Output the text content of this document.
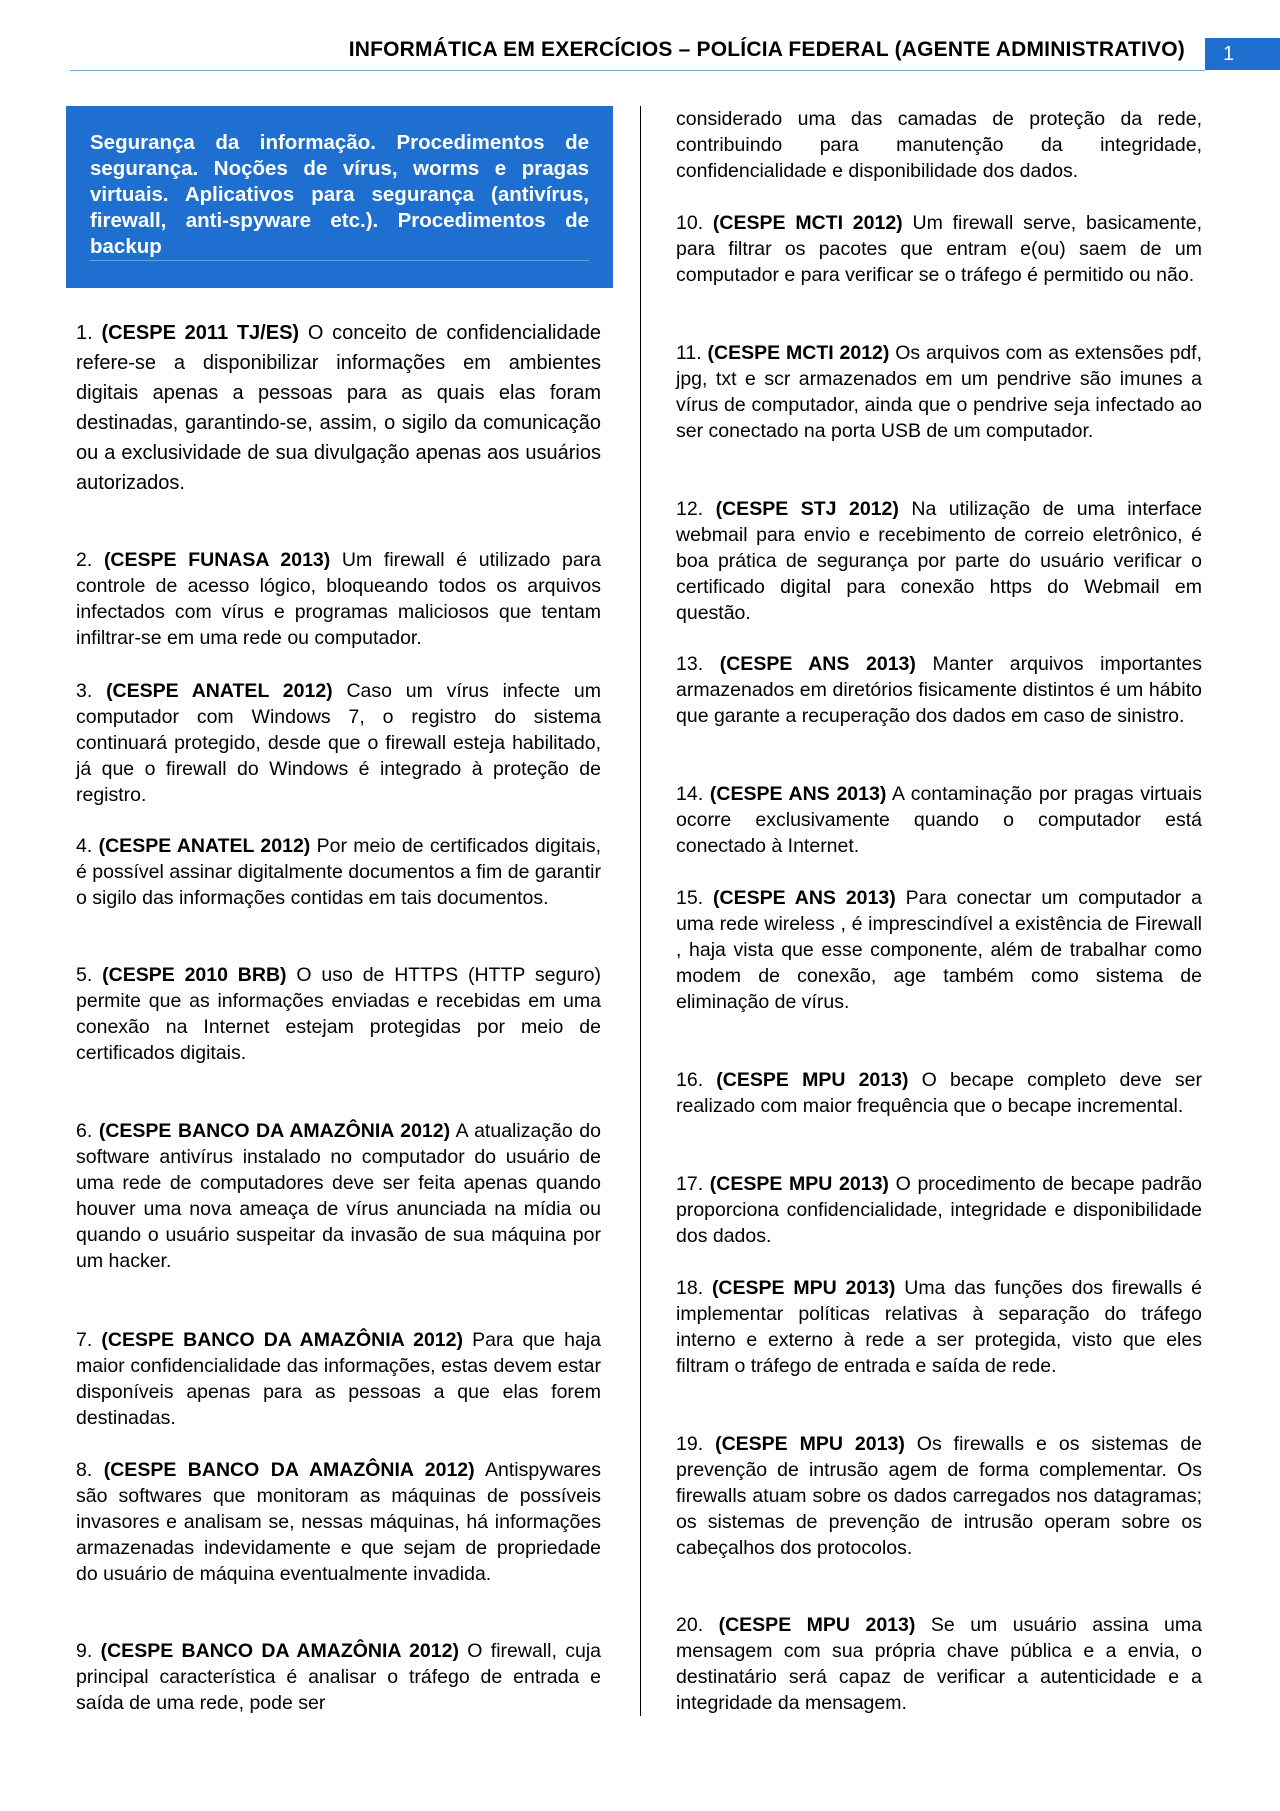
INFORMÁTICA EM EXERCÍCIOS – POLÍCIA FEDERAL (AGENTE ADMINISTRATIVO)	1
Segurança da informação. Procedimentos de segurança. Noções de vírus, worms e pragas virtuais. Aplicativos para segurança (antivírus, firewall, anti-spyware etc.). Procedimentos de backup

1. (CESPE 2011 TJ/ES) O conceito de confidencialidade refere-se a disponibilizar informações em ambientes digitais apenas a pessoas para as quais elas foram destinadas, garantindo-se, assim, o sigilo da comunicação ou a exclusividade de sua divulgação apenas aos usuários autorizados.

2. (CESPE FUNASA 2013) Um firewall é utilizado para controle de acesso lógico, bloqueando todos os arquivos infectados com vírus e programas maliciosos que tentam infiltrar-se em uma rede ou computador.

3. (CESPE ANATEL 2012) Caso um vírus infecte um computador com Windows 7, o registro do sistema continuará protegido, desde que o firewall esteja habilitado, já que o firewall do Windows é integrado à proteção de registro.

4. (CESPE ANATEL 2012) Por meio de certificados digitais, é possível assinar digitalmente documentos a fim de garantir o sigilo das informações contidas em tais documentos.

5. (CESPE 2010 BRB) O uso de HTTPS (HTTP seguro) permite que as informações enviadas e recebidas em uma conexão na Internet estejam protegidas por meio de certificados digitais.

6. (CESPE BANCO DA AMAZÔNIA 2012) A atualização do software antivírus instalado no computador do usuário de uma rede de computadores deve ser feita apenas quando houver uma nova ameaça de vírus anunciada na mídia ou quando o usuário suspeitar da invasão de sua máquina por um hacker.

7. (CESPE BANCO DA AMAZÔNIA 2012) Para que haja maior confidencialidade das informações, estas devem estar disponíveis apenas para as pessoas a que elas forem destinadas.

8. (CESPE BANCO DA AMAZÔNIA 2012) Antispywares são softwares que monitoram as máquinas de possíveis invasores e analisam se, nessas máquinas, há informações armazenadas indevidamente e que sejam de propriedade do usuário de máquina eventualmente invadida.

9. (CESPE BANCO DA AMAZÔNIA 2012) O firewall, cuja principal característica é analisar o tráfego de entrada e saída de uma rede, pode ser

considerado uma das camadas de proteção da rede, contribuindo para manutenção da integridade, confidencialidade e disponibilidade dos dados.

10. (CESPE MCTI 2012) Um firewall serve, basicamente, para filtrar os pacotes que entram e(ou) saem de um computador e para verificar se o tráfego é permitido ou não.

11. (CESPE MCTI 2012) Os arquivos com as extensões pdf, jpg, txt e scr armazenados em um pendrive são imunes a vírus de computador, ainda que o pendrive seja infectado ao ser conectado na porta USB de um computador.

12. (CESPE STJ 2012) Na utilização de uma interface webmail para envio e recebimento de correio eletrônico, é boa prática de segurança por parte do usuário verificar o certificado digital para conexão https do Webmail em questão.

13. (CESPE ANS 2013) Manter arquivos importantes armazenados em diretórios fisicamente distintos é um hábito que garante a recuperação dos dados em caso de sinistro.

14. (CESPE ANS 2013) A contaminação por pragas virtuais ocorre exclusivamente quando o computador está conectado à Internet.

15. (CESPE ANS 2013) Para conectar um computador a uma rede wireless , é imprescindível a existência de Firewall , haja vista que esse componente, além de trabalhar como modem de conexão, age também como sistema de eliminação de vírus.

16. (CESPE MPU 2013) O becape completo deve ser realizado com maior frequência que o becape incremental.

17. (CESPE MPU 2013) O procedimento de becape padrão proporciona confidencialidade, integridade e disponibilidade dos dados.

18. (CESPE MPU 2013) Uma das funções dos firewalls é implementar políticas relativas à separação do tráfego interno e externo à rede a ser protegida, visto que eles filtram o tráfego de entrada e saída de rede.

19. (CESPE MPU 2013) Os firewalls e os sistemas de prevenção de intrusão agem de forma complementar. Os firewalls atuam sobre os dados carregados nos datagramas; os sistemas de prevenção de intrusão operam sobre os cabeçalhos dos protocolos.

20. (CESPE MPU 2013) Se um usuário assina uma mensagem com sua própria chave pública e a envia, o destinatário será capaz de verificar a autenticidade e a integridade da mensagem.
